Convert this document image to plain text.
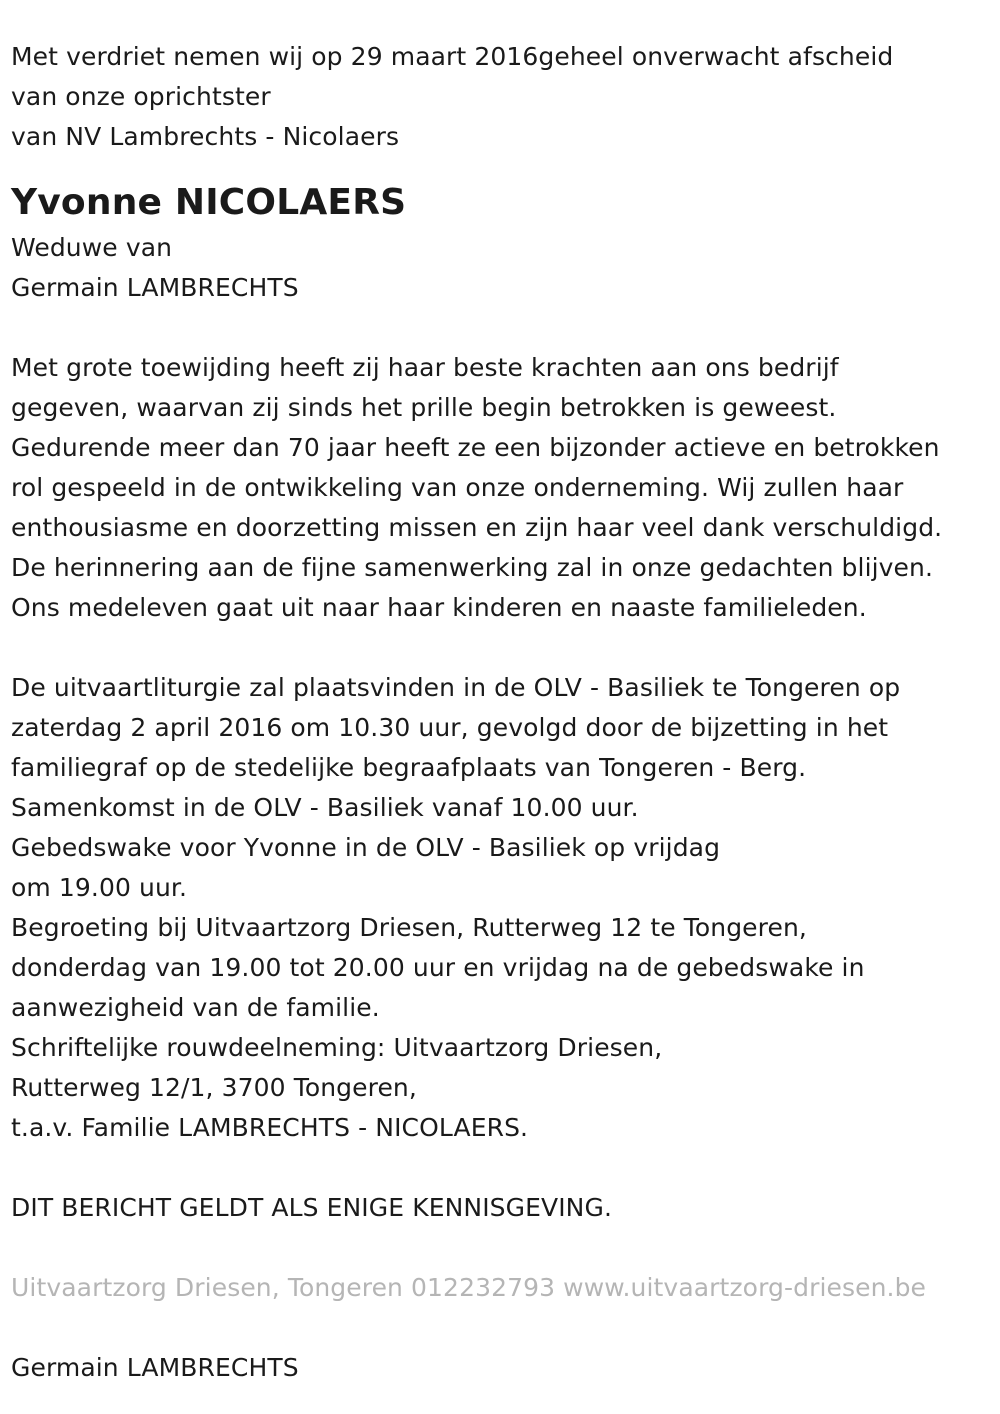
Met verdriet nemen wij op 29 maart 2016geheel onverwacht afscheid
van onze oprichtster
van NV Lambrechts - Nicolaers
Yvonne NICOLAERS
Weduwe van
Germain LAMBRECHTS
Met grote toewijding heeft zij haar beste krachten aan ons bedrijf
gegeven, waarvan zij sinds het prille begin betrokken is geweest.
Gedurende meer dan 70 jaar heeft ze een bijzonder actieve en betrokken
rol gespeeld in de ontwikkeling van onze onderneming. Wij zullen haar
enthousiasme en doorzetting missen en zijn haar veel dank verschuldigd.
De herinnering aan de fijne samenwerking zal in onze gedachten blijven.
Ons medeleven gaat uit naar haar kinderen en naaste familieleden.
De uitvaartliturgie zal plaatsvinden in de OLV - Basiliek te Tongeren op
zaterdag 2 april 2016 om 10.30 uur, gevolgd door de bijzetting in het
familiegraf op de stedelijke begraafplaats van Tongeren - Berg.
Samenkomst in de OLV - Basiliek vanaf 10.00 uur.
Gebedswake voor Yvonne in de OLV - Basiliek op vrijdag
om 19.00 uur.
Begroeting bij Uitvaartzorg Driesen, Rutterweg 12 te Tongeren,
donderdag van 19.00 tot 20.00 uur en vrijdag na de gebedswake in
aanwezigheid van de familie.
Schriftelijke rouwdeelneming: Uitvaartzorg Driesen,
Rutterweg 12/1, 3700 Tongeren,
t.a.v. Familie LAMBRECHTS - NICOLAERS.
DIT BERICHT GELDT ALS ENIGE KENNISGEVING.
Uitvaartzorg Driesen, Tongeren 012232793 www.uitvaartzorg-driesen.be
Germain LAMBRECHTS
